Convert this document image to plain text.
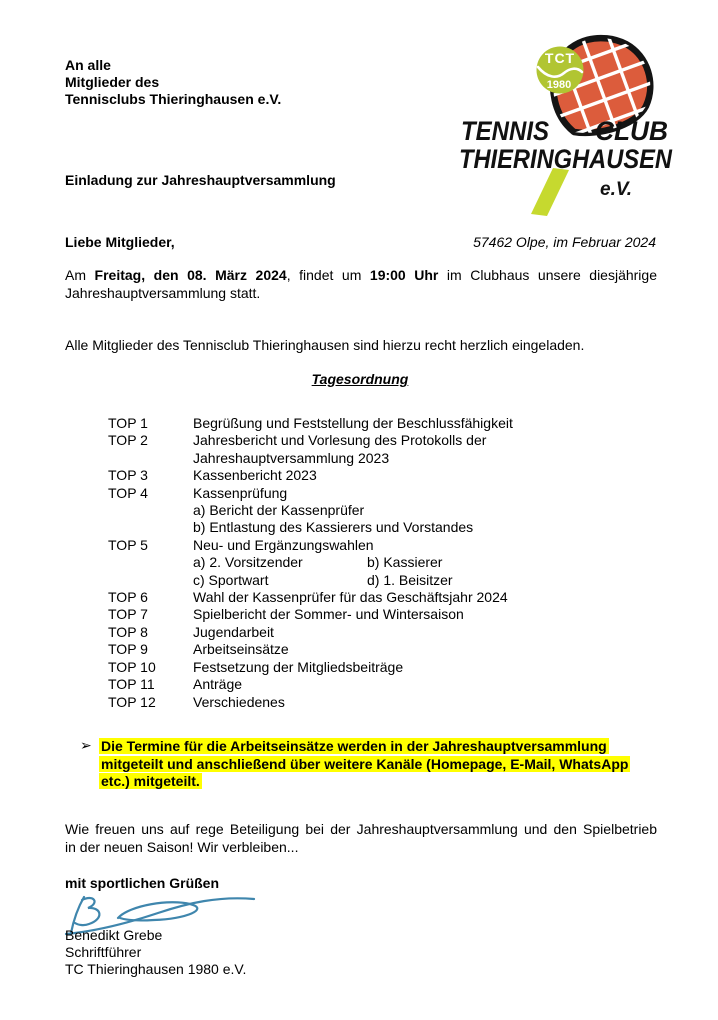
An alle
Mitglieder des
Tennisclubs Thieringhausen e.V.
TCT
1980
TENNIS CLUB
THIERINGHAUSEN
e.V.
Einladung zur Jahreshauptversammlung
Liebe Mitglieder,	57462 Olpe, im Februar 2024
Am Freitag, den 08. März 2024, findet um 19:00 Uhr im Clubhaus unsere diesjährige
Jahreshauptversammlung statt.
Alle Mitglieder des Tennisclub Thieringhausen sind hierzu recht herzlich eingeladen.
Tagesordnung
TOP 1	Begrüßung und Feststellung der Beschlussfähigkeit
TOP 2	Jahresbericht und Vorlesung des Protokolls der
Jahreshauptversammlung 2023
TOP 3	Kassenbericht 2023
TOP 4	Kassenprüfung
a) Bericht der Kassenprüfer
b) Entlastung des Kassierers und Vorstandes
TOP 5	Neu- und Ergänzungswahlen
a) 2. Vorsitzender	b) Kassierer
c) Sportwart	d) 1. Beisitzer
TOP 6	Wahl der Kassenprüfer für das Geschäftsjahr 2024
TOP 7	Spielbericht der Sommer- und Wintersaison
TOP 8	Jugendarbeit
TOP 9	Arbeitseinsätze
TOP 10	Festsetzung der Mitgliedsbeiträge
TOP 11	Anträge
TOP 12	Verschiedenes
➢ Die Termine für die Arbeitseinsätze werden in der Jahreshauptversammlung
mitgeteilt und anschließend über weitere Kanäle (Homepage, E-Mail, WhatsApp
etc.) mitgeteilt.
Wie freuen uns auf rege Beteiligung bei der Jahreshauptversammlung und den Spielbetrieb
in der neuen Saison! Wir verbleiben...
mit sportlichen Grüßen
Benedikt Grebe
Schriftführer
TC Thieringhausen 1980 e.V.
